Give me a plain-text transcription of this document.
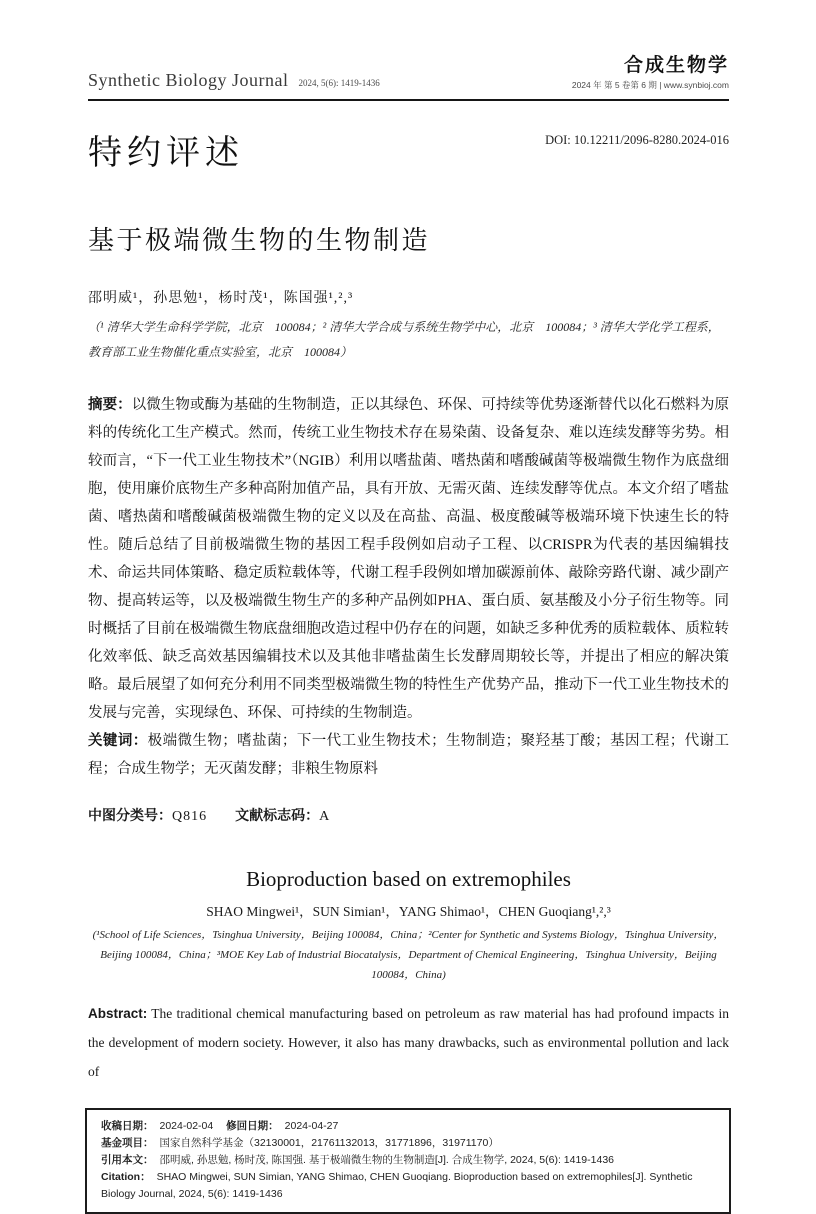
Synthetic Biology Journal 2024, 5(6): 1419-1436
合成生物学
2024 年 第 5 卷第 6 期 | www.synbioj.com
特约评述	DOI: 10.12211/2096-8280.2024-016
基于极端微生物的生物制造
邵明威¹，孙思勉¹，杨时茂¹，陈国强¹,²,³
（¹ 清华大学生命科学学院，北京　100084；² 清华大学合成与系统生物学中心，北京　100084；³ 清华大学化学工程系，教育部工业生物催化重点实验室，北京　100084）
摘要：以微生物或酶为基础的生物制造，正以其绿色、环保、可持续等优势逐渐替代以化石燃料为原料的传统化工生产模式。然而，传统工业生物技术存在易染菌、设备复杂、难以连续发酵等劣势。相较而言，“下一代工业生物技术”（NGIB）利用以嗜盐菌、嗜热菌和嗜酸碱菌等极端微生物作为底盘细胞，使用廉价底物生产多种高附加值产品，具有开放、无需灭菌、连续发酵等优点。本文介绍了嗜盐菌、嗜热菌和嗜酸碱菌极端微生物的定义以及在高盐、高温、极度酸碱等极端环境下快速生长的特性。随后总结了目前极端微生物的基因工程手段例如启动子工程、以CRISPR为代表的基因编辑技术、命运共同体策略、稳定质粒载体等，代谢工程手段例如增加碳源前体、敲除旁路代谢、减少副产物、提高转运等，以及极端微生物生产的多种产品例如PHA、蛋白质、氨基酸及小分子衍生物等。同时概括了目前在极端微生物底盘细胞改造过程中仍存在的问题，如缺乏多种优秀的质粒载体、质粒转化效率低、缺乏高效基因编辑技术以及其他非嗜盐菌生长发酵周期较长等，并提出了相应的解决策略。最后展望了如何充分利用不同类型极端微生物的特性生产优势产品，推动下一代工业生物技术的发展与完善，实现绿色、环保、可持续的生物制造。
关键词：极端微生物；嗜盐菌；下一代工业生物技术；生物制造；聚羟基丁酸；基因工程；代谢工程；合成生物学；无灭菌发酵；非粮生物原料
中图分类号：Q816 文献标志码：A
Bioproduction based on extremophiles
SHAO Mingwei¹，SUN Simian¹，YANG Shimao¹，CHEN Guoqiang¹,²,³
(¹School of Life Sciences，Tsinghua University，Beijing 100084，China；²Center for Synthetic and Systems Biology，Tsinghua University，Beijing 100084，China；³MOE Key Lab of Industrial Biocatalysis，Department of Chemical Engineering，Tsinghua University，Beijing 100084，China)
Abstract: The traditional chemical manufacturing based on petroleum as raw material has had profound impacts in the development of modern society. However, it also has many drawbacks, such as environmental pollution and lack of
收稿日期： 2024-02-04 修回日期： 2024-04-27
基金项目： 国家自然科学基金（32130001，21761132013，31771896，31971170）
引用本文： 邵明威, 孙思勉, 杨时茂, 陈国强. 基于极端微生物的生物制造[J]. 合成生物学, 2024, 5(6): 1419-1436
Citation： SHAO Mingwei, SUN Simian, YANG Shimao, CHEN Guoqiang. Bioproduction based on extremophiles[J]. Synthetic Biology Journal, 2024, 5(6): 1419-1436
